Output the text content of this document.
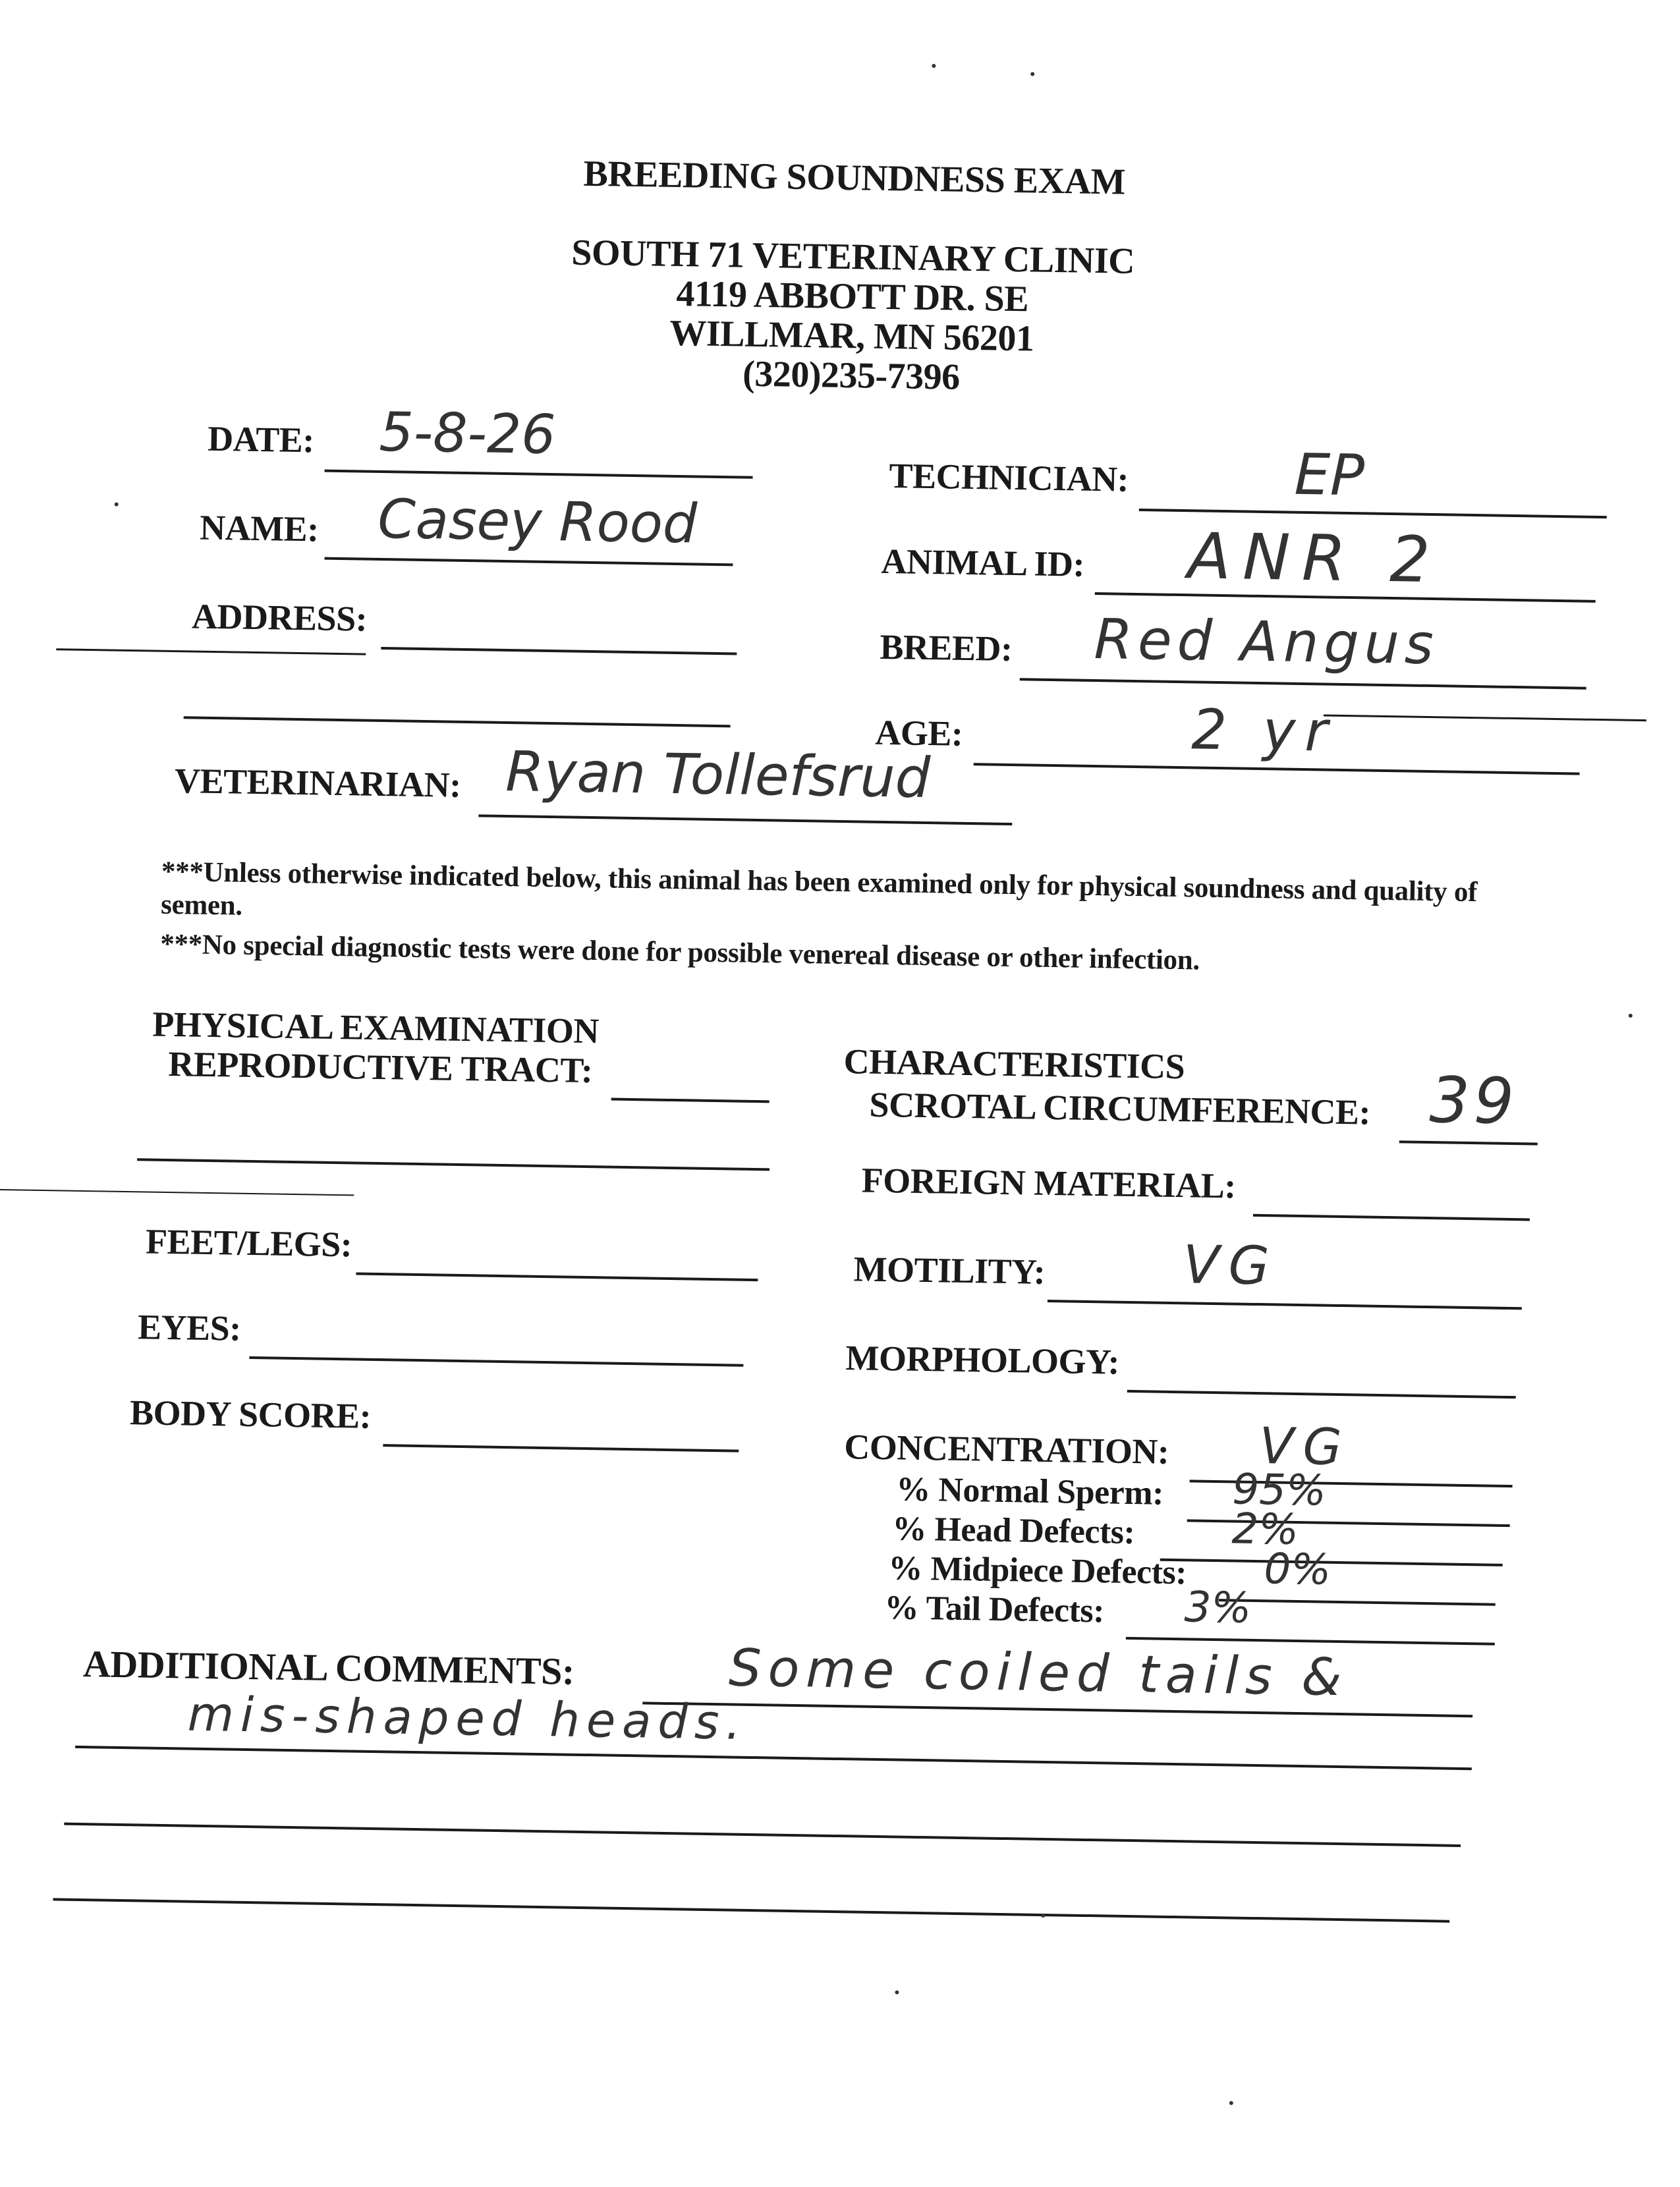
BREEDING SOUNDNESS EXAM
SOUTH 71 VETERINARY CLINIC
4119 ABBOTT DR. SE
WILLMAR, MN 56201
(320)235-7396
DATE: 5-8-26
NAME: Casey Rood
ADDRESS:
VETERINARIAN: Ryan Tollefsrud
TECHNICIAN:	EP
ANIMAL ID: ANR 2
BREED: Red Angus
AGE:	2 yr
***Unless otherwise indicated below, this animal has been examined only for physical soundness and quality of semen.
***No special diagnostic tests were done for possible venereal disease or other infection.
PHYSICAL EXAMINATION
REPRODUCTIVE TRACT:
FEET/LEGS:
EYES:
BODY SCORE:
CHARACTERISTICS
SCROTAL CIRCUMFERENCE: 39
FOREIGN MATERIAL:
MOTILITY:	VG
MORPHOLOGY:
CONCENTRATION: VG
% Normal Sperm: 95%
% Head Defects: 2%
% Midpiece Defects: 0%
% Tail Defects: 3%
ADDITIONAL COMMENTS:	Some coiled tails &
mis-shaped heads.
